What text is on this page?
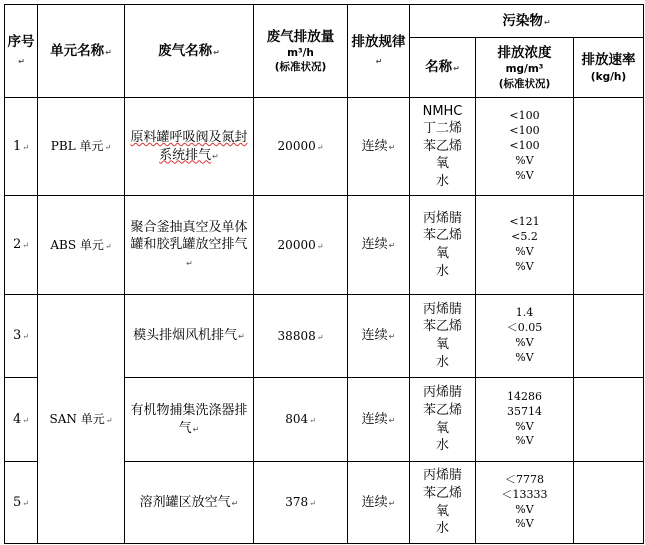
序号↵	单元名称↵	废气名称↵	废气排放量
m³/h
(标准状况)	排放规律↵	污染物↵		
					名称↵	排放浓度
mg/m³
(标准状况)	排放速率
(kg/h)

1↵	PBL 单元↵	原料罐呼吸阀及氮封系统排气↵	20000↵	连续↵	NMHC
丁二烯
苯乙烯
氧
水	<100
<100
<100
%V
%V	

2↵	ABS 单元↵	聚合釜抽真空及单体罐和胶乳罐放空排气↵	20000↵	连续↵	丙烯腈
苯乙烯
氧
水	<121
<5.2
%V
%V	

3↵	SAN 单元↵	模头排烟风机排气↵	38808↵	连续↵	丙烯腈
苯乙烯
氧
水	1.4
＜0.05
%V
%V	

4↵		有机物捕集洗涤器排气↵	804↵	连续↵	丙烯腈
苯乙烯
氧
水	14286
35714
%V
%V	

5↵		溶剂罐区放空气↵	378↵	连续↵	丙烯腈
苯乙烯
氧
水	＜7778
＜13333
%V
%V	
